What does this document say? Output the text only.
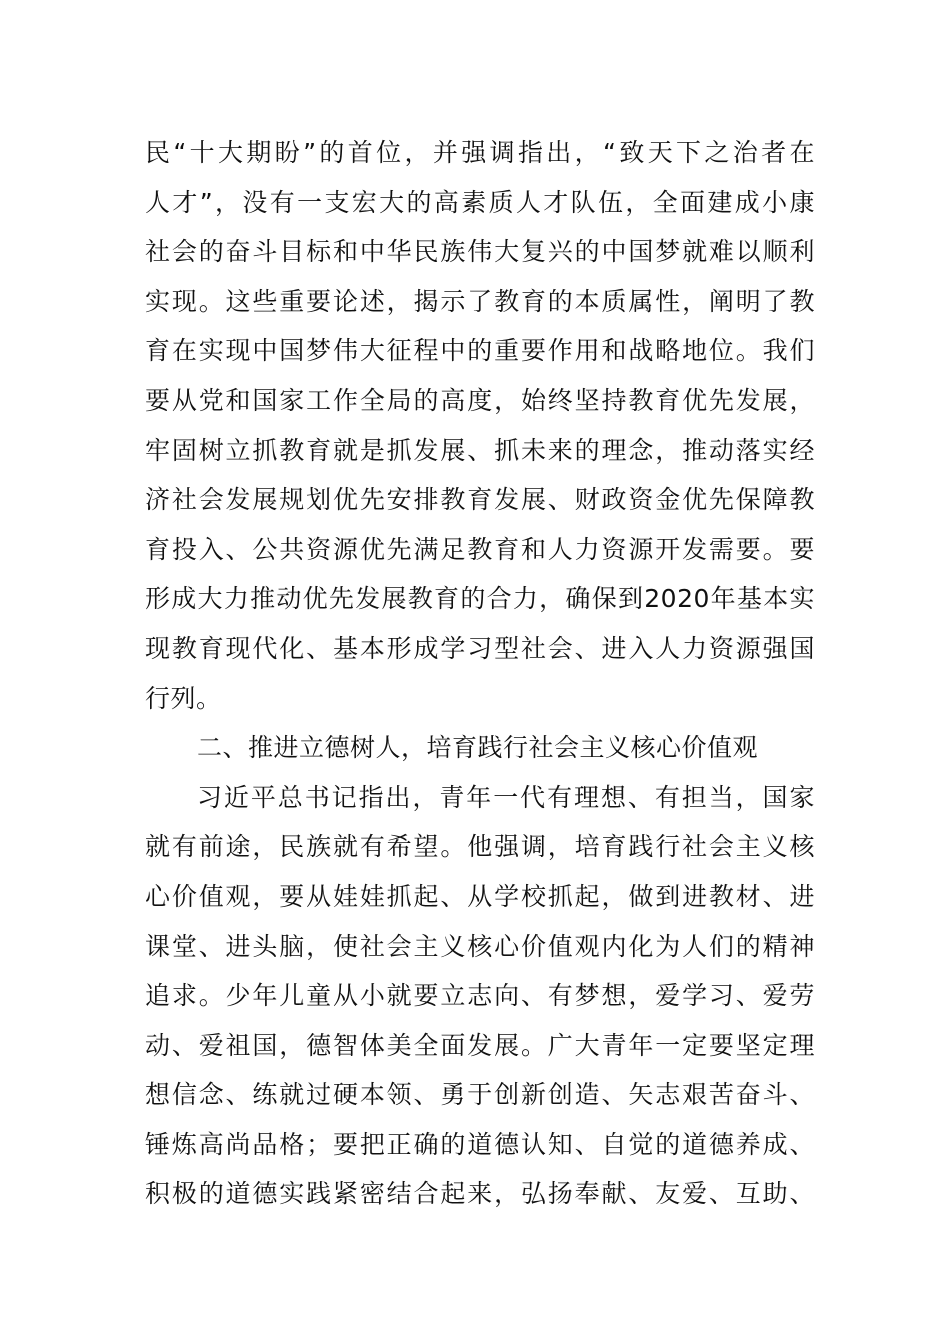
民“十大期盼”的首位，并强调指出，“致天下之治者在
人才”，没有一支宏大的高素质人才队伍，全面建成小康
社会的奋斗目标和中华民族伟大复兴的中国梦就难以顺利
实现。这些重要论述，揭示了教育的本质属性，阐明了教
育在实现中国梦伟大征程中的重要作用和战略地位。我们
要从党和国家工作全局的高度，始终坚持教育优先发展，
牢固树立抓教育就是抓发展、抓未来的理念，推动落实经
济社会发展规划优先安排教育发展、财政资金优先保障教
育投入、公共资源优先满足教育和人力资源开发需要。要
形成大力推动优先发展教育的合力，确保到2020年基本实
现教育现代化、基本形成学习型社会、进入人力资源强国
行列。
二、推进立德树人，培育践行社会主义核心价值观
习近平总书记指出，青年一代有理想、有担当，国家
就有前途，民族就有希望。他强调，培育践行社会主义核
心价值观，要从娃娃抓起、从学校抓起，做到进教材、进
课堂、进头脑，使社会主义核心价值观内化为人们的精神
追求。少年儿童从小就要立志向、有梦想，爱学习、爱劳
动、爱祖国，德智体美全面发展。广大青年一定要坚定理
想信念、练就过硬本领、勇于创新创造、矢志艰苦奋斗、
锤炼高尚品格；要把正确的道德认知、自觉的道德养成、
积极的道德实践紧密结合起来，弘扬奉献、友爱、互助、
